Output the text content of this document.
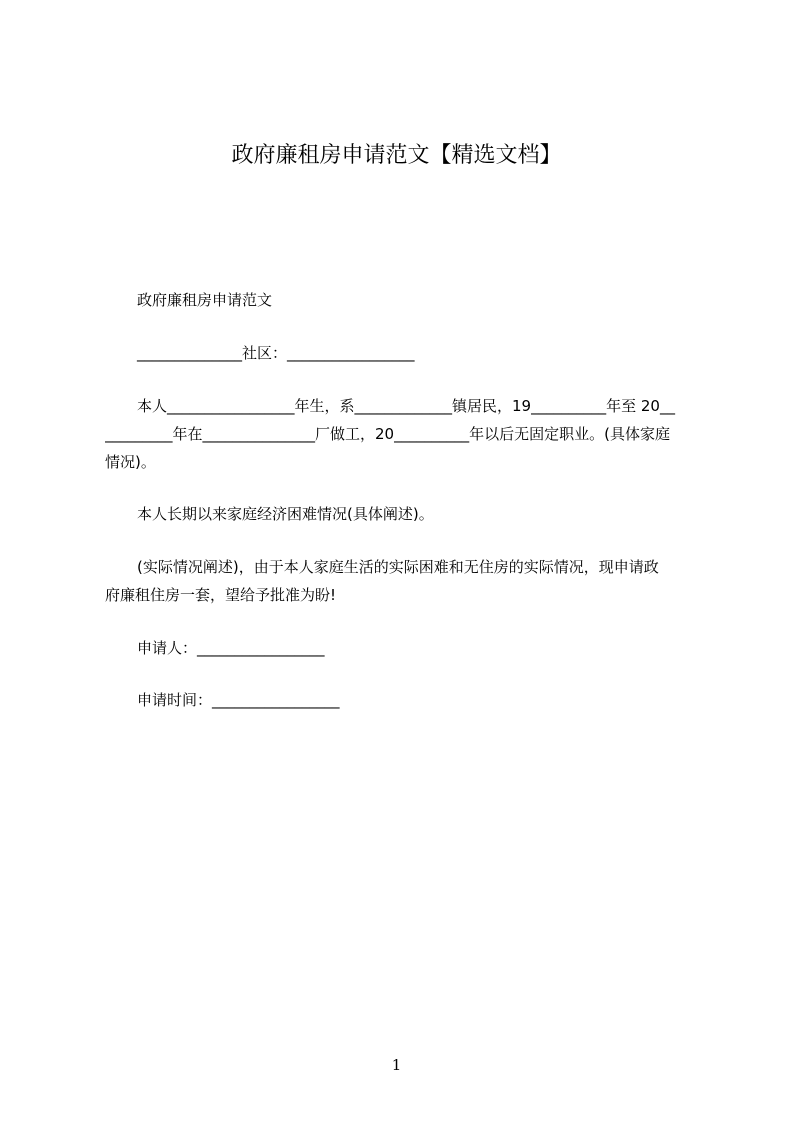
政府廉租房申请范文【精选文档】

政府廉租房申请范文

______________社区：_________________

本人_________________年生，系_____________镇居民，19__________年至 20__
_________年在_______________厂做工，20__________年以后无固定职业。(具体家庭
情况)。

本人长期以来家庭经济困难情况(具体阐述)。

(实际情况阐述)，由于本人家庭生活的实际困难和无住房的实际情况，现申请政
府廉租住房一套，望给予批准为盼!

申请人：_________________

申请时间：_________________

1
